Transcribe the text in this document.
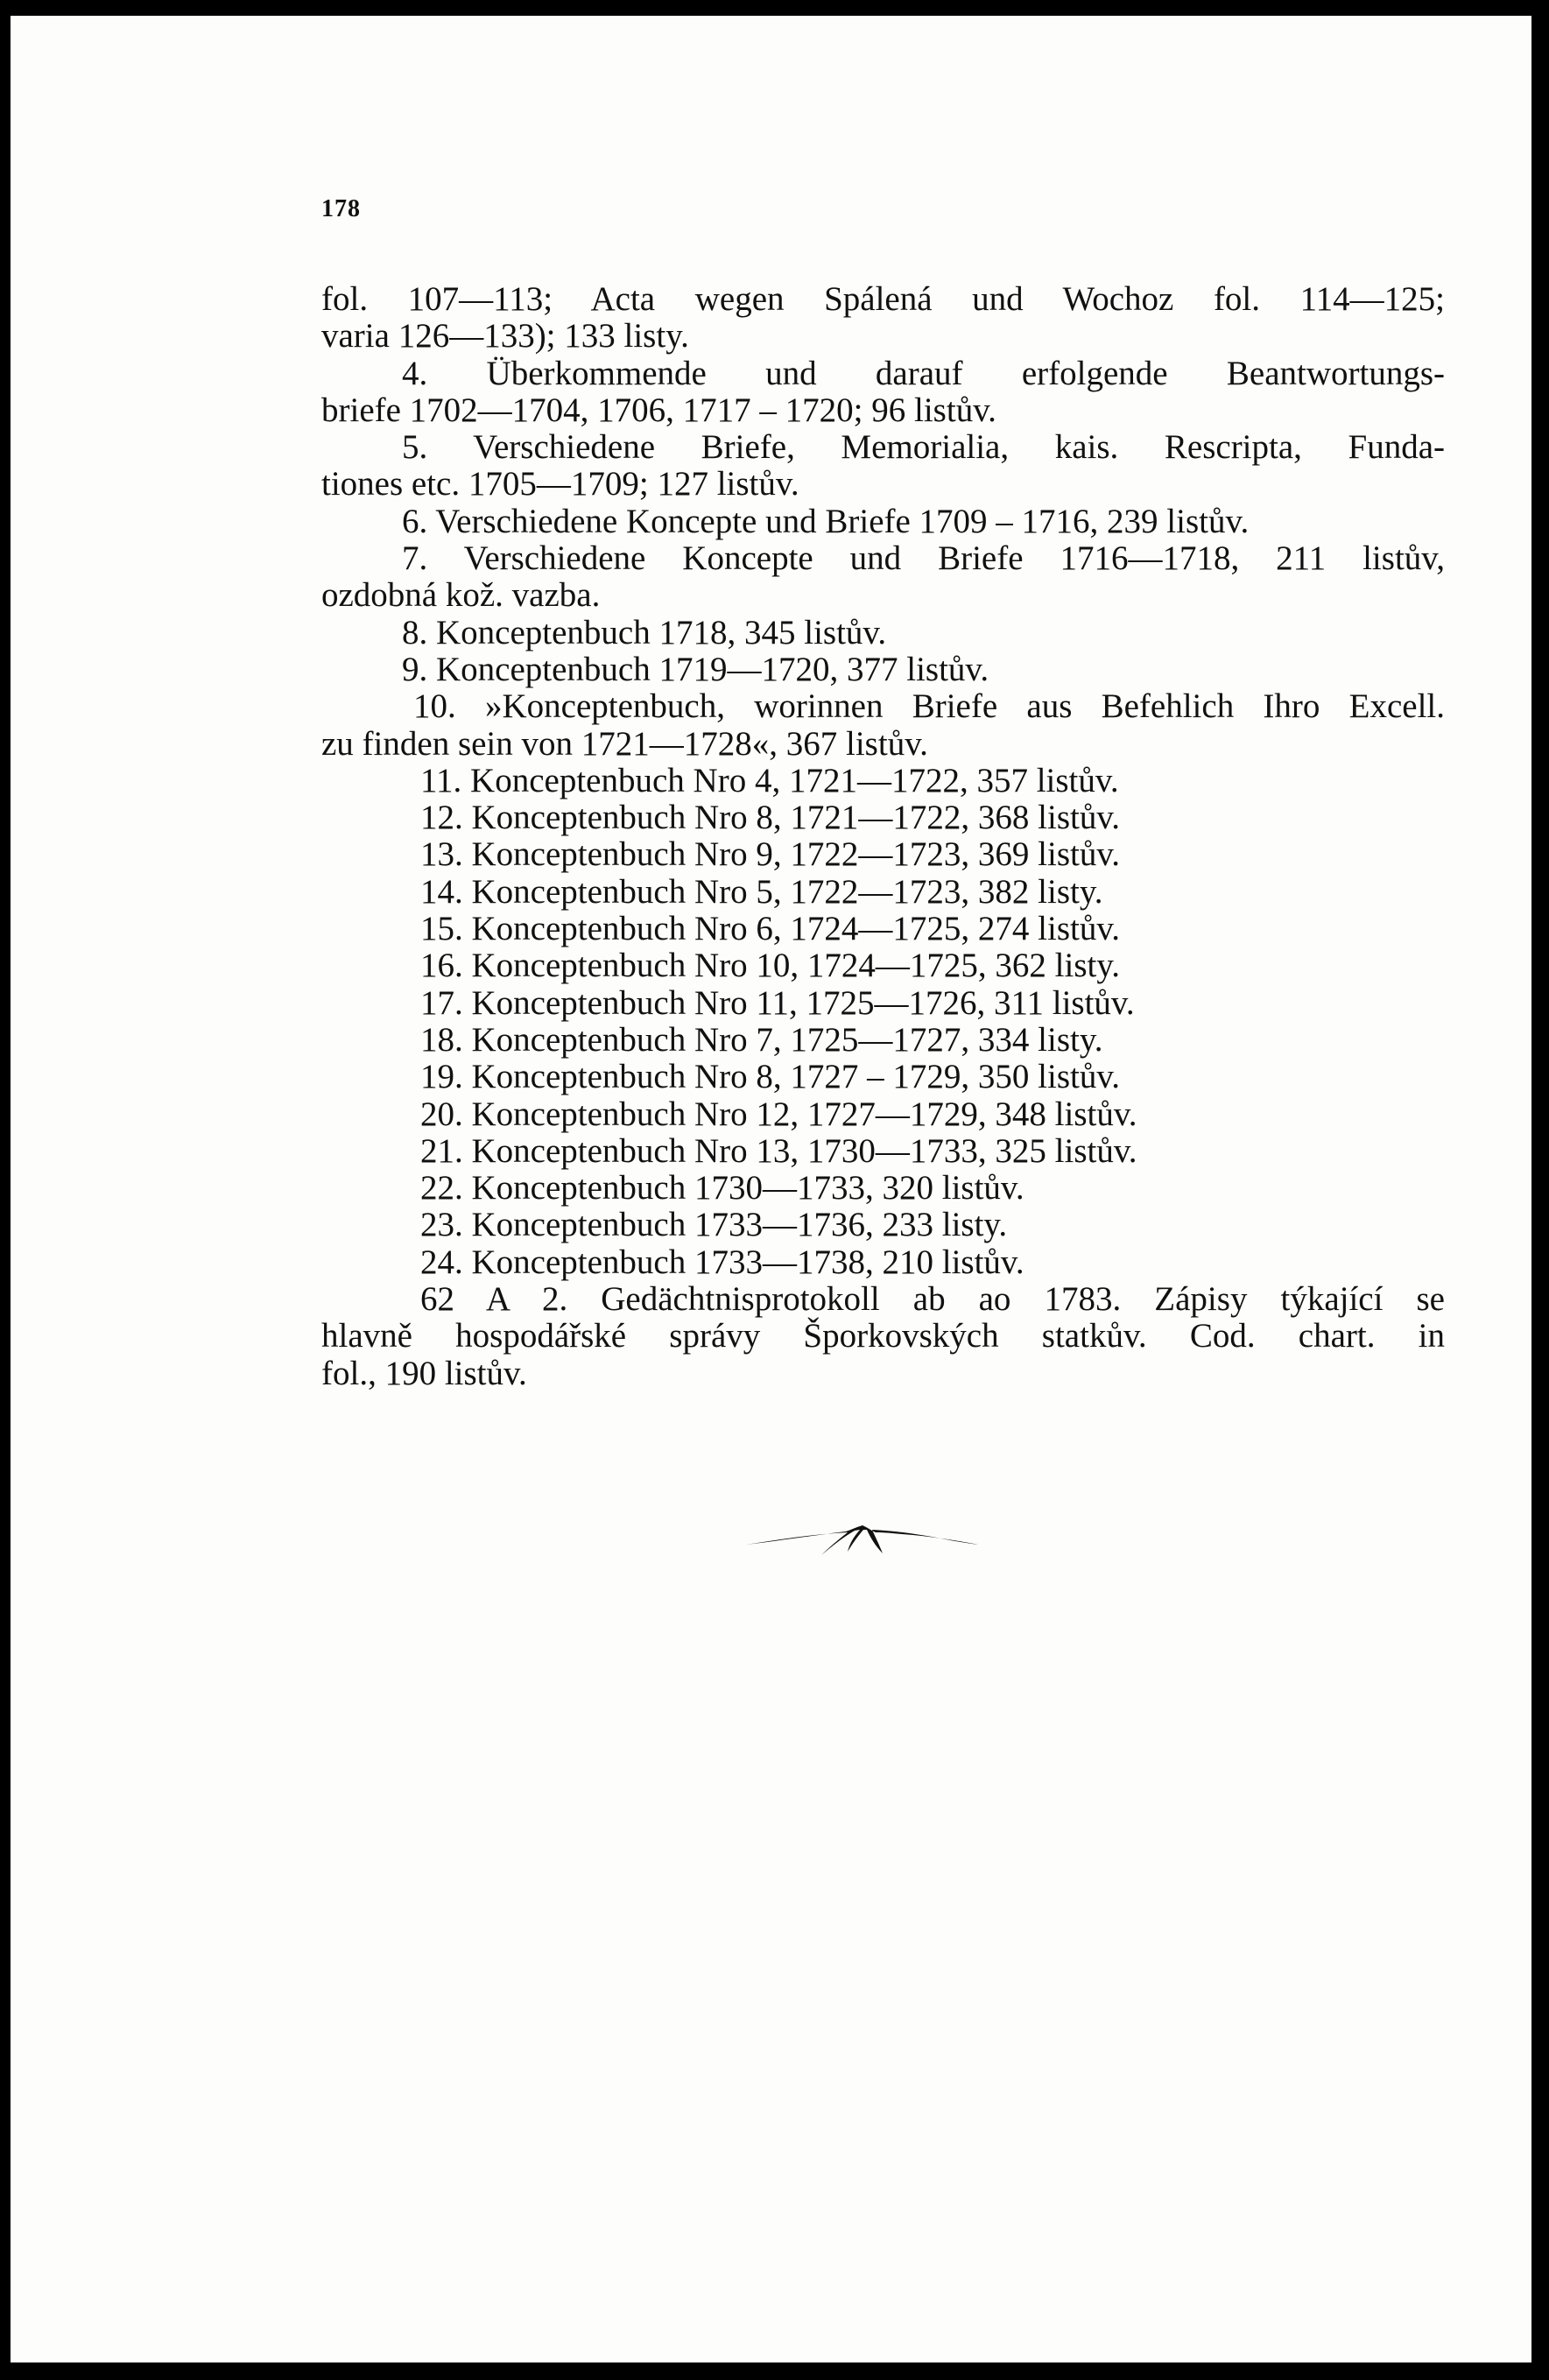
178
fol. 107—113; Acta wegen Spálená und Wochoz fol. 114—125;
varia 126—133); 133 listy.
4. Überkommende und darauf erfolgende Beantwortungs-
briefe 1702—1704, 1706, 1717 – 1720; 96 listův.
5. Verschiedene Briefe, Memorialia, kais. Rescripta, Funda-
tiones etc. 1705—1709; 127 listův.
6. Verschiedene Koncepte und Briefe 1709 – 1716, 239 listův.
7. Verschiedene Koncepte und Briefe 1716—1718, 211 listův,
ozdobná kož. vazba.
8. Konceptenbuch 1718, 345 listův.
9. Konceptenbuch 1719—1720, 377 listův.
10. »Konceptenbuch, worinnen Briefe aus Befehlich Ihro Excell.
zu finden sein von 1721—1728«, 367 listův.
11. Konceptenbuch Nro 4, 1721—1722, 357 listův.
12. Konceptenbuch Nro 8, 1721—1722, 368 listův.
13. Konceptenbuch Nro 9, 1722—1723, 369 listův.
14. Konceptenbuch Nro 5, 1722—1723, 382 listy.
15. Konceptenbuch Nro 6, 1724—1725, 274 listův.
16. Konceptenbuch Nro 10, 1724—1725, 362 listy.
17. Konceptenbuch Nro 11, 1725—1726, 311 listův.
18. Konceptenbuch Nro 7, 1725—1727, 334 listy.
19. Konceptenbuch Nro 8, 1727 – 1729, 350 listův.
20. Konceptenbuch Nro 12, 1727—1729, 348 listův.
21. Konceptenbuch Nro 13, 1730—1733, 325 listův.
22. Konceptenbuch 1730—1733, 320 listův.
23. Konceptenbuch 1733—1736, 233 listy.
24. Konceptenbuch 1733—1738, 210 listův.
62 A 2. Gedächtnisprotokoll ab ao 1783. Zápisy týkající se
hlavně hospodářské správy Šporkovských statkův. Cod. chart. in
fol., 190 listův.
